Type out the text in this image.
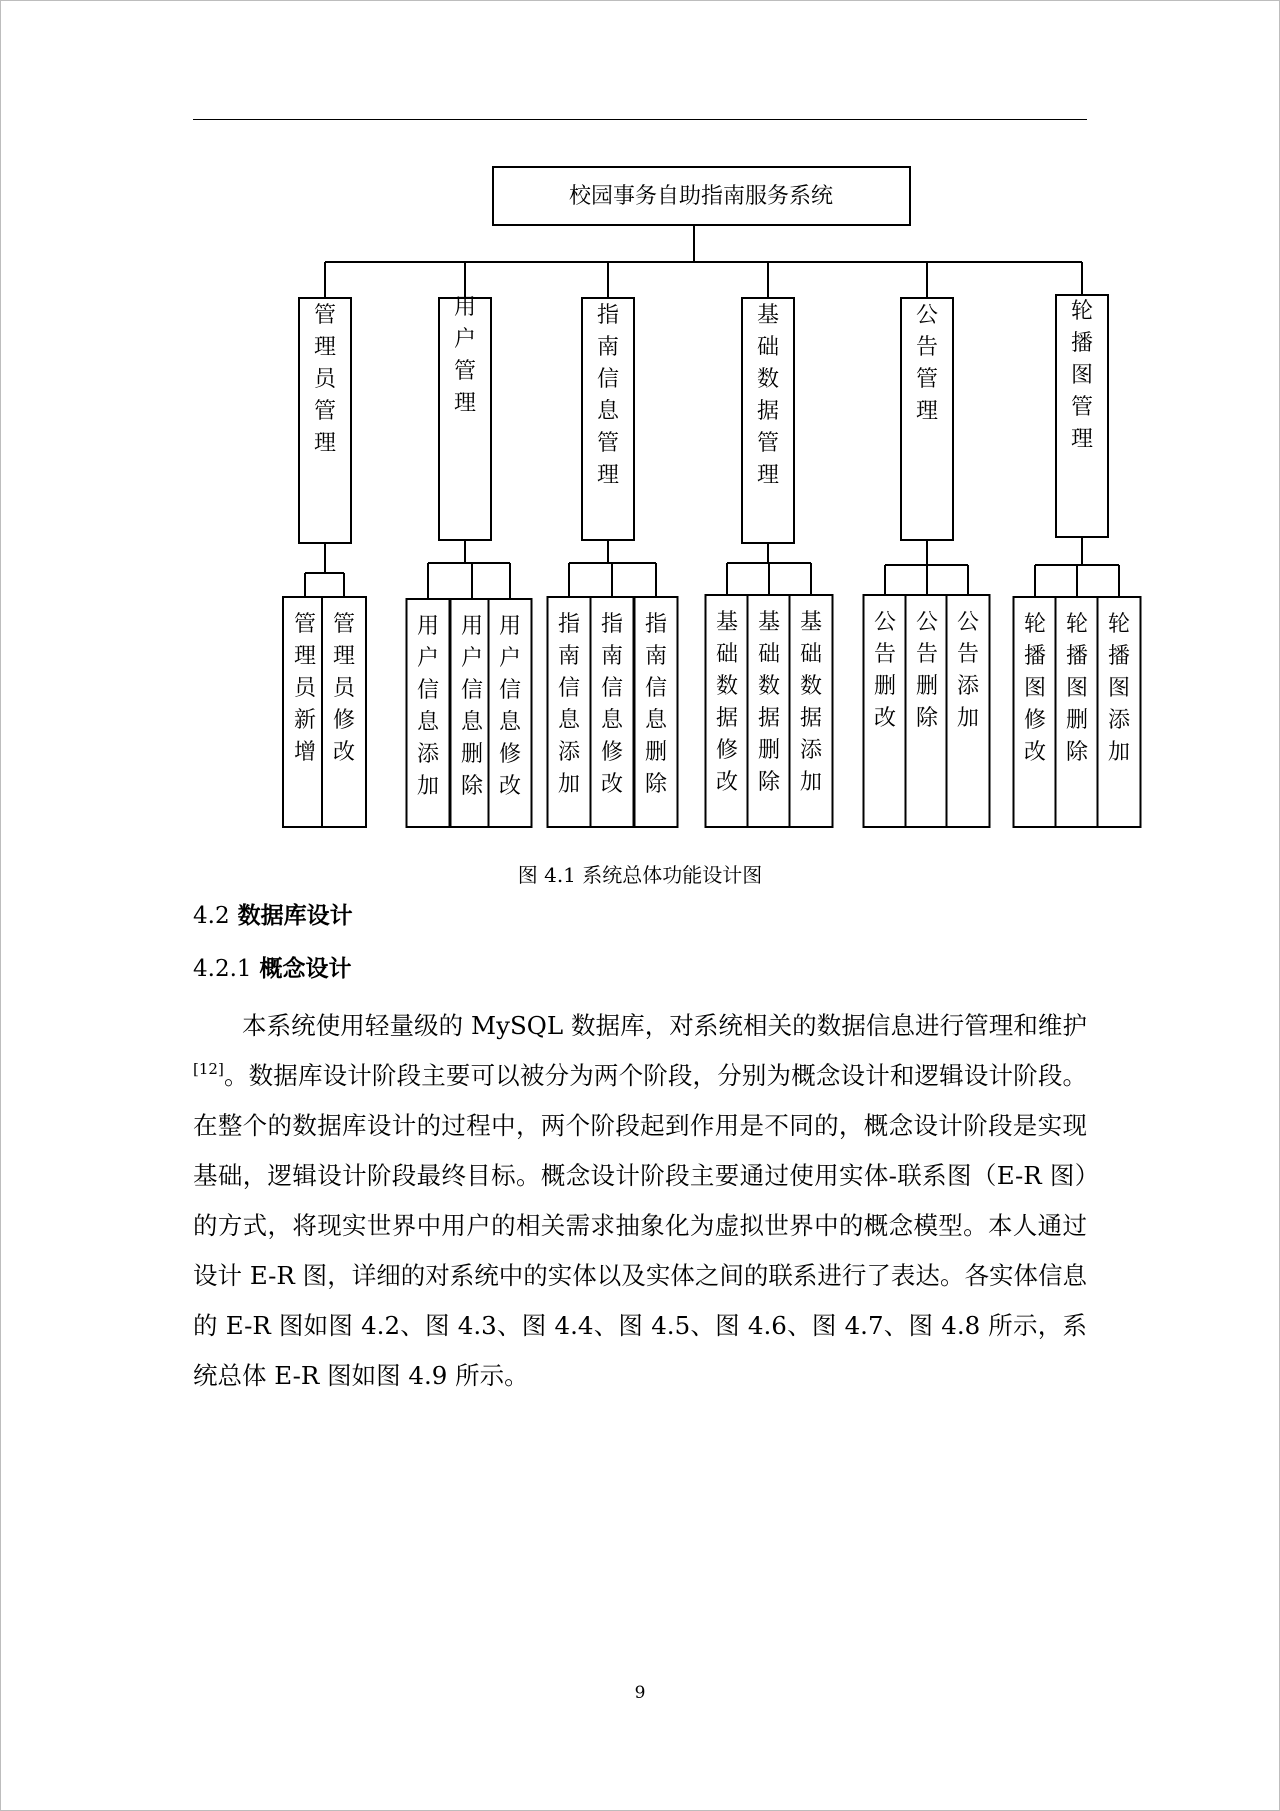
校园事务自助指南服务系统
管理员管理
管理员新增
管理员修改
用户管理
用户信息添加
用户信息删除
用户信息修改
指南信息管理
指南信息添加
指南信息修改
指南信息删除
基础数据管理
基础数据修改
基础数据删除
基础数据添加
公告管理
公告删改
公告删除
公告添加
轮播图管理
轮播图修改
轮播图删除
轮播图添加
图 4.1 系统总体功能设计图
4.2 数据库设计
4.2.1 概念设计
本系统使用轻量级的 MySQL 数据库，对系统相关的数据信息进行管理和维护[12]。数据库设计阶段主要可以被分为两个阶段，分别为概念设计和逻辑设计阶段。在整个的数据库设计的过程中，两个阶段起到作用是不同的，概念设计阶段是实现基础，逻辑设计阶段最终目标。概念设计阶段主要通过使用实体-联系图（E-R 图）的方式，将现实世界中用户的相关需求抽象化为虚拟世界中的概念模型。本人通过设计 E-R 图，详细的对系统中的实体以及实体之间的联系进行了表达。各实体信息的 E-R 图如图 4.2、图 4.3、图 4.4、图 4.5、图 4.6、图 4.7、图 4.8 所示，系统总体 E-R 图如图 4.9 所示。
9
